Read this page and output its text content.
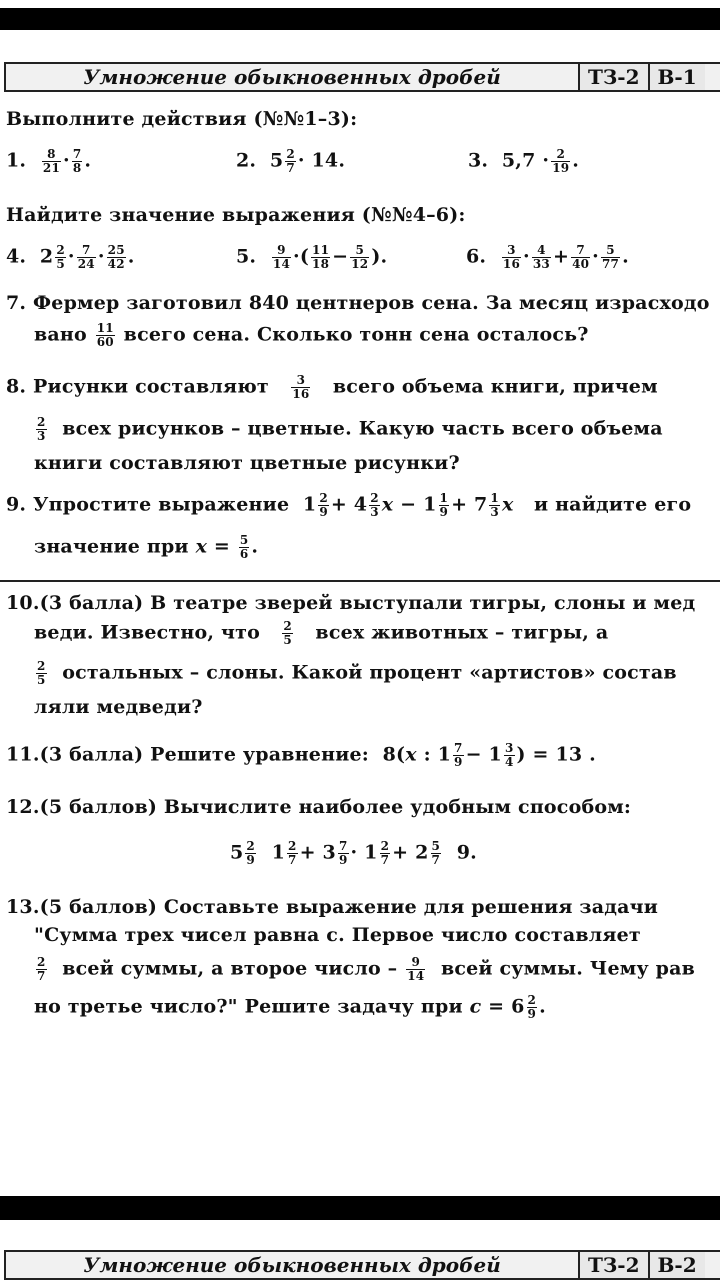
Умножение обыкновенных дробей	ТЗ-2 В-1
Выполните действия (№№1–3):
1. $\frac{8}{21} \cdot \frac{7}{8}$ .	2. $5 \frac{2}{7} \cdot 14$.	3. $5,7 \cdot \frac{2}{19}$ .
Найдите значение выражения (№№4–6):
4. $2 \frac{2}{5} \cdot \frac{7}{24} \cdot \frac{25}{42}$ .	5. $\frac{9}{14}$ ·( $\frac{11}{18} - \frac{5}{12}$ ).	6. $\frac{3}{16} \cdot \frac{4}{33} + \frac{7}{40} \cdot \frac{5}{77}$ .
7. Фермер заготовил 840 центнеров сена. За месяц израсходо
вано $\frac{11}{60}$ всего сена. Сколько тонн сена осталось?
8. Рисунки составляют $\frac{3}{16}$ всего объема книги, причем
$\frac{2}{3}$ всех рисунков – цветные. Какую часть всего объема
книги составляют цветные рисунки?
9. Упростите выражение  $1 \frac{2}{9} + 4 \frac{2}{3}$ $x - 1 \frac{1}{9} + 7 \frac{1}{3}$ x и найдите его
значение при $x = \frac{5}{6}$ .
10.(3 балла) В театре зверей выступали тигры, слоны и мед
веди. Известно, что $\frac{2}{5}$ всех животных – тигры, а
$\frac{2}{5}$ остальных – слоны. Какой процент «артистов» состав
ляли медведи?
11.(3 балла) Решите уравнение:  8(x : $1 \frac{7}{9} - 1 \frac{3}{4}$ ) = 13 .
12.(5 баллов) Вычислите наиболее удобным способом:
$5 \frac{2}{9} 1 \frac{2}{7} + 3 \frac{7}{9} \cdot 1 \frac{2}{7} + 2 \frac{5}{7} 9$.
13.(5 баллов) Составьте выражение для решения задачи
"Сумма трех чисел равна c. Первое число составляет
$\frac{2}{7}$ всей суммы, а второе число – $\frac{9}{14}$ всей суммы. Чему рав
но третье число?" Решите задачу при $c = 6 \frac{2}{9}$ .
Умножение обыкновенных дробей	ТЗ-2 В-2
